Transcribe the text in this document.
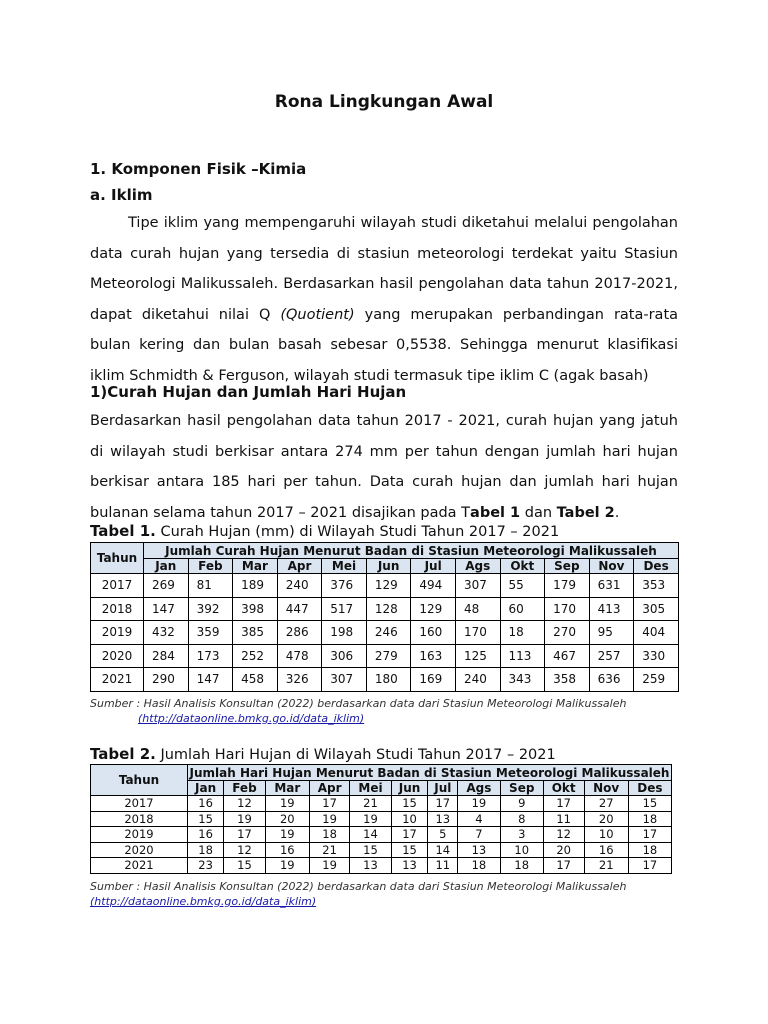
Rona Lingkungan Awal

1. Komponen Fisik –Kimia

a. Iklim

Tipe iklim yang mempengaruhi wilayah studi diketahui melalui pengolahan data curah hujan yang tersedia di stasiun meteorologi terdekat yaitu Stasiun Meteorologi Malikussaleh. Berdasarkan hasil pengolahan data tahun 2017-2021, dapat diketahui nilai Q (Quotient) yang merupakan perbandingan rata-rata bulan kering dan bulan basah sebesar 0,5538. Sehingga menurut klasifikasi iklim Schmidth & Ferguson, wilayah studi termasuk tipe iklim C (agak basah)

1)Curah Hujan dan Jumlah Hari Hujan

Berdasarkan hasil pengolahan data tahun 2017 - 2021, curah hujan yang jatuh di wilayah studi berkisar antara 274 mm per tahun dengan jumlah hari hujan berkisar antara 185 hari per tahun. Data curah hujan dan jumlah hari hujan bulanan selama tahun 2017 – 2021 disajikan pada Tabel 1 dan Tabel 2.

Tabel 1. Curah Hujan (mm) di Wilayah Studi Tahun 2017 – 2021

Tahun	Jumlah Curah Hujan Menurut Badan di Stasiun Meteorologi Malikussaleh											
	Jan	Feb	Mar	Apr	Mei	Jun	Jul	Ags	Okt	Sep	Nov	Des
2017	269	81	189	240	376	129	494	307	55	179	631	353
2018	147	392	398	447	517	128	129	48	60	170	413	305
2019	432	359	385	286	198	246	160	170	18	270	95	404
2020	284	173	252	478	306	279	163	125	113	467	257	330
2021	290	147	458	326	307	180	169	240	343	358	636	259

Sumber : Hasil Analisis Konsultan (2022) berdasarkan data dari Stasiun Meteorologi Malikussaleh
(http://dataonline.bmkg.go.id/data_iklim)

Tabel 2. Jumlah Hari Hujan di Wilayah Studi Tahun 2017 – 2021

Tahun	Jumlah Hari Hujan Menurut Badan di Stasiun Meteorologi Malikussaleh											
	Jan	Feb	Mar	Apr	Mei	Jun	Jul	Ags	Sep	Okt	Nov	Des
2017	16	12	19	17	21	15	17	19	9	17	27	15
2018	15	19	20	19	19	10	13	4	8	11	20	18
2019	16	17	19	18	14	17	5	7	3	12	10	17
2020	18	12	16	21	15	15	14	13	10	20	16	18
2021	23	15	19	19	13	13	11	18	18	17	21	17

Sumber : Hasil Analisis Konsultan (2022) berdasarkan data dari Stasiun Meteorologi Malikussaleh
(http://dataonline.bmkg.go.id/data_iklim)
